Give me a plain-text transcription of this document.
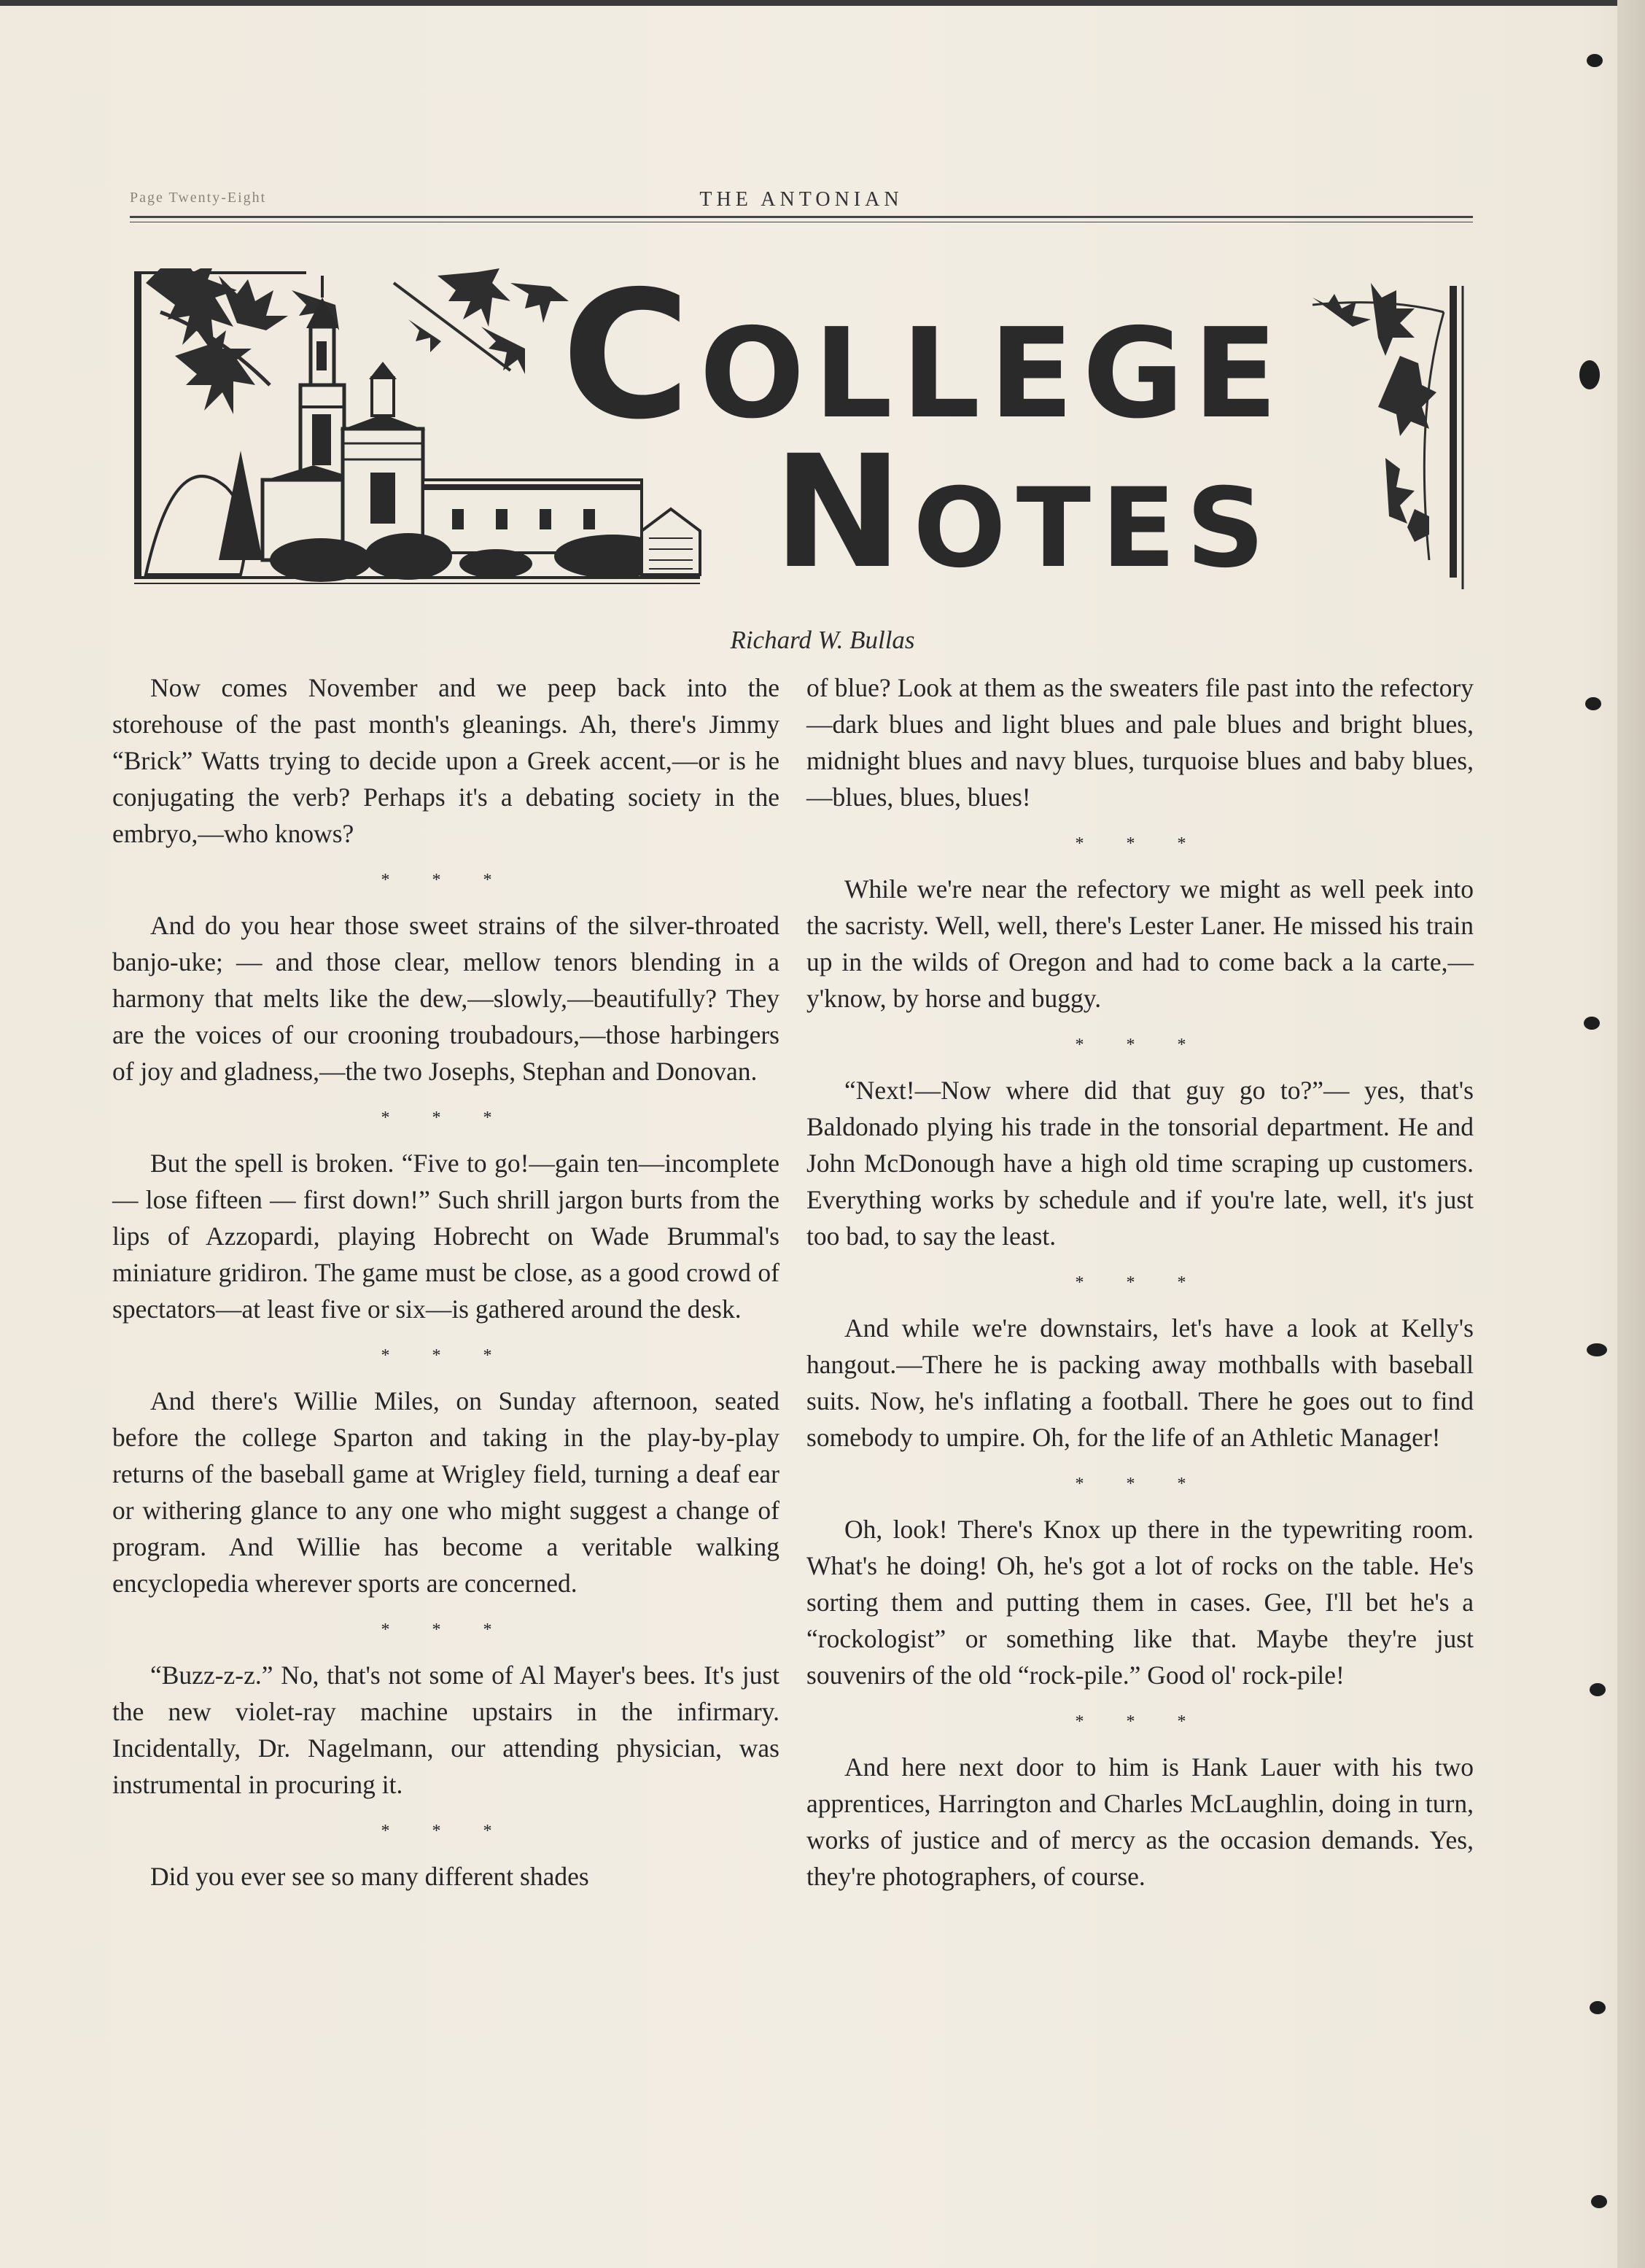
Page Twenty-Eight	THE ANTONIAN
COLLEGE
NOTES
Richard W. Bullas

Now comes November and we peep back into the storehouse of the past month's gleanings. Ah, there's Jimmy “Brick” Watts trying to decide upon a Greek accent,—or is he conjugating the verb? Perhaps it's a debating society in the embryo,—who knows?

* * *

And do you hear those sweet strains of the silver-throated banjo-uke; — and those clear, mellow tenors blending in a harmony that melts like the dew,—slowly,—beautifully? They are the voices of our crooning troubadours,—those harbingers of joy and gladness,—the two Josephs, Stephan and Donovan.

* * *

But the spell is broken. “Five to go!—gain ten—incomplete — lose fifteen — first down!” Such shrill jargon burts from the lips of Azzopardi, playing Hobrecht on Wade Brummal's miniature gridiron. The game must be close, as a good crowd of spectators—at least five or six—is gathered around the desk.

* * *

And there's Willie Miles, on Sunday afternoon, seated before the college Sparton and taking in the play-by-play returns of the baseball game at Wrigley field, turning a deaf ear or withering glance to any one who might suggest a change of program. And Willie has become a veritable walking encyclopedia wherever sports are concerned.

* * *

“Buzz-z-z.” No, that's not some of Al Mayer's bees. It's just the new violet-ray machine upstairs in the infirmary. Incidentally, Dr. Nagelmann, our attending physician, was instrumental in procuring it.

* * *

Did you ever see so many different shades

of blue? Look at them as the sweaters file past into the refectory—dark blues and light blues and pale blues and bright blues, midnight blues and navy blues, turquoise blues and baby blues, —blues, blues, blues!

* * *

While we're near the refectory we might as well peek into the sacristy. Well, well, there's Lester Laner. He missed his train up in the wilds of Oregon and had to come back a la carte,—y'know, by horse and buggy.

* * *

“Next!—Now where did that guy go to?”— yes, that's Baldonado plying his trade in the tonsorial department. He and John McDonough have a high old time scraping up customers. Everything works by schedule and if you're late, well, it's just too bad, to say the least.

* * *

And while we're downstairs, let's have a look at Kelly's hangout.—There he is packing away mothballs with baseball suits. Now, he's inflating a football. There he goes out to find somebody to umpire. Oh, for the life of an Athletic Manager!

* * *

Oh, look! There's Knox up there in the typewriting room. What's he doing! Oh, he's got a lot of rocks on the table. He's sorting them and putting them in cases. Gee, I'll bet he's a “rockologist” or something like that. Maybe they're just souvenirs of the old “rock-pile.” Good ol' rock-pile!

* * *

And here next door to him is Hank Lauer with his two apprentices, Harrington and Charles McLaughlin, doing in turn, works of justice and of mercy as the occasion demands. Yes, they're photographers, of course.
